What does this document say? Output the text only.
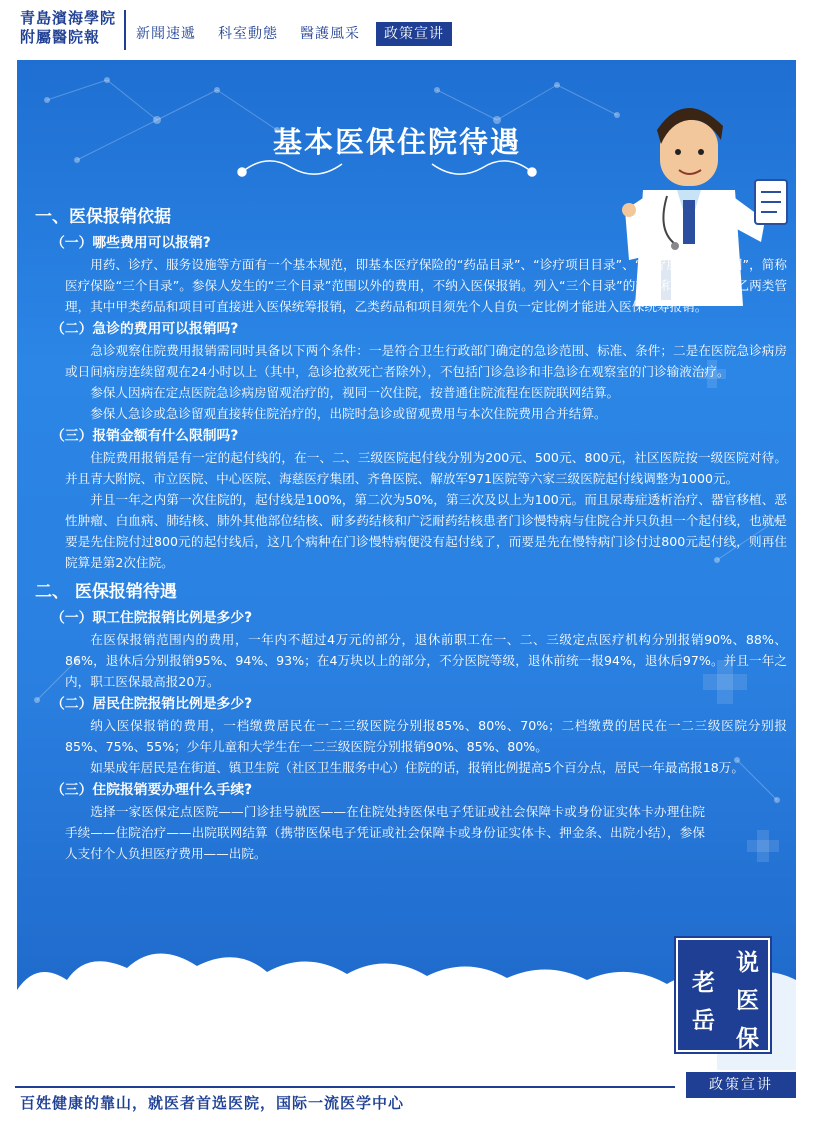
青島濱海學院
附屬醫院報	新聞速遞 科室動態 醫護風采	政策宣讲
基本医保住院待遇
一、医保报销依据
（一）哪些费用可以报销?
用药、诊疗、服务设施等方面有一个基本规范，即基本医疗保险的“药品目录”、“诊疗项目目录”、“医疗服务设施范围”，简称医疗保险“三个目录”。参保人发生的“三个目录”范围以外的费用，不纳入医保报销。列入“三个目录”的药品和项目分甲、乙两类管理，其中甲类药品和项目可直接进入医保统筹报销，乙类药品和项目须先个人自负一定比例才能进入医保统筹报销。
（二）急诊的费用可以报销吗?
急诊观察住院费用报销需同时具备以下两个条件：一是符合卫生行政部门确定的急诊范围、标准、条件；二是在医院急诊病房或日间病房连续留观在24小时以上（其中，急诊抢救死亡者除外），不包括门诊急诊和非急诊在观察室的门诊输液治疗。
参保人因病在定点医院急诊病房留观治疗的，视同一次住院，按普通住院流程在医院联网结算。
参保人急诊或急诊留观直接转住院治疗的，出院时急诊或留观费用与本次住院费用合并结算。
（三）报销金额有什么限制吗?
住院费用报销是有一定的起付线的，在一、二、三级医院起付线分别为200元、500元、800元，社区医院按一级医院对待。并且青大附院、市立医院、中心医院、海慈医疗集团、齐鲁医院、解放军971医院等六家三级医院起付线调整为1000元。
并且一年之内第一次住院的，起付线是100%，第二次为50%，第三次及以上为100元。而且尿毒症透析治疗、器官移植、恶性肿瘤、白血病、肺结核、肺外其他部位结核、耐多药结核和广泛耐药结核患者门诊慢特病与住院合并只负担一个起付线，也就是要是先住院付过800元的起付线后，这几个病种在门诊慢特病便没有起付线了，而要是先在慢特病门诊付过800元起付线，则再住院算是第2次住院。
二、 医保报销待遇
（一）职工住院报销比例是多少?
在医保报销范围内的费用，一年内不超过4万元的部分，退休前职工在一、二、三级定点医疗机构分别报销90%、88%、86%，退休后分别报销95%、94%、93%；在4万块以上的部分，不分医院等级，退休前统一报94%，退休后97%。并且一年之内，职工医保最高报20万。
（二）居民住院报销比例是多少?
纳入医保报销的费用，一档缴费居民在一二三级医院分别报85%、80%、70%；二档缴费的居民在一二三级医院分别报85%、75%、55%；少年儿童和大学生在一二三级医院分别报销90%、85%、80%。
如果成年居民是在街道、镇卫生院（社区卫生服务中心）住院的话，报销比例提高5个百分点，居民一年最高报18万。
（三）住院报销要办理什么手续?
选择一家医保定点医院——门诊挂号就医——在住院处持医保电子凭证或社会保障卡或身份证实体卡办理住院手续——住院治疗——出院联网结算（携带医保电子凭证或社会保障卡或身份证实体卡、押金条、出院小结），参保人支付个人负担医疗费用——出院。
说
医
保
老
岳
百姓健康的靠山，就医者首选医院，国际一流医学中心
政策宣讲
